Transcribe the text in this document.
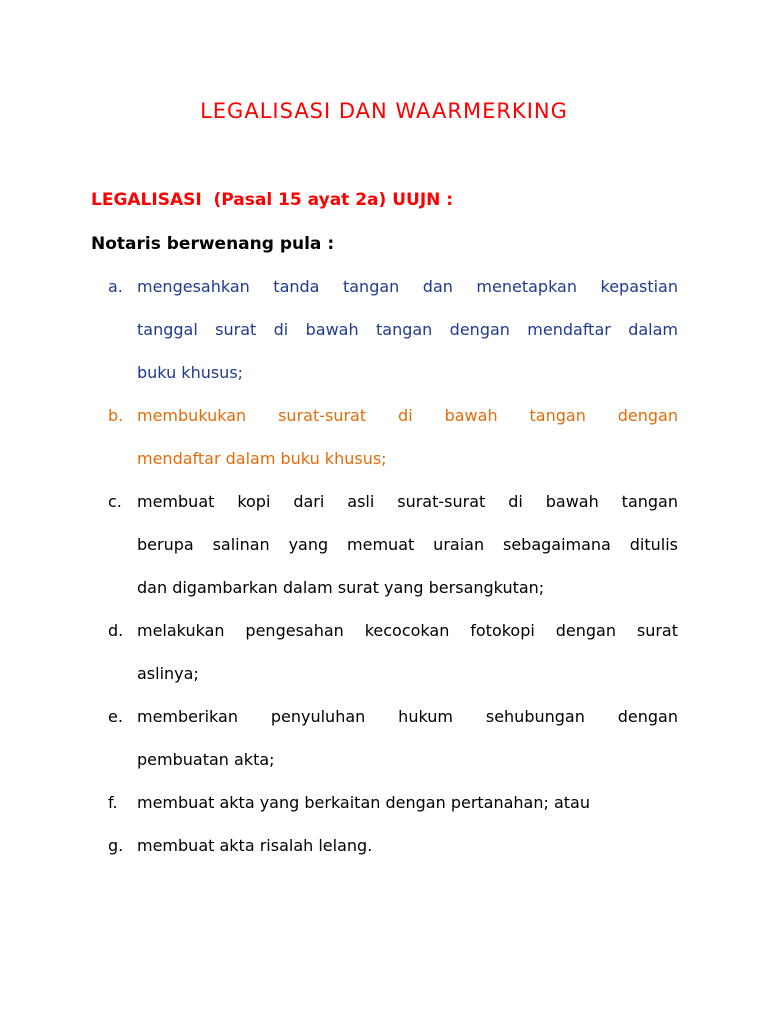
LEGALISASI DAN WAARMERKING
LEGALISASI  (Pasal 15 ayat 2a) UUJN :
Notaris berwenang pula :
a. mengesahkan tanda tangan dan menetapkan kepastian
tanggal surat di bawah tangan dengan mendaftar dalam
buku khusus;
b. membukukan surat-surat di bawah tangan dengan
mendaftar dalam buku khusus;
c. membuat kopi dari asli surat-surat di bawah tangan
berupa salinan yang memuat uraian sebagaimana ditulis
dan digambarkan dalam surat yang bersangkutan;
d. melakukan pengesahan kecocokan fotokopi dengan surat
aslinya;
e. memberikan penyuluhan hukum sehubungan dengan
pembuatan akta;
f.	membuat akta yang berkaitan dengan pertanahan; atau
g. membuat akta risalah lelang.
